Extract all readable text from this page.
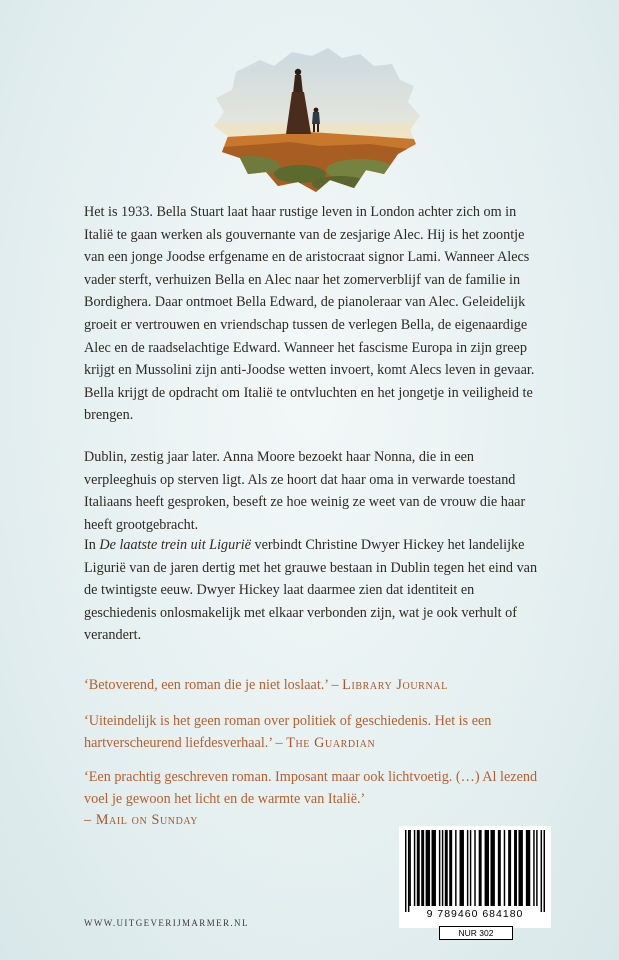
Het is 1933. Bella Stuart laat haar rustige leven in London achter zich om in Italië te gaan werken als gouvernante van de zesjarige Alec. Hij is het zoontje van een jonge Joodse erfgename en de aristocraat signor Lami. Wanneer Alecs vader sterft, verhuizen Bella en Alec naar het zomerverblijf van de familie in Bordighera. Daar ontmoet Bella Edward, de pianoleraar van Alec. Geleidelijk groeit er vertrouwen en vriendschap tussen de verlegen Bella, de eigenaardige Alec en de raadselachtige Edward. Wanneer het fascisme Europa in zijn greep krijgt en Mussolini zijn anti-Joodse wetten invoert, komt Alecs leven in gevaar. Bella krijgt de opdracht om Italië te ontvluchten en het jongetje in veiligheid te brengen.

Dublin, zestig jaar later. Anna Moore bezoekt haar Nonna, die in een verpleeghuis op sterven ligt. Als ze hoort dat haar oma in verwarde toestand Italiaans heeft gesproken, beseft ze hoe weinig ze weet van de vrouw die haar heeft grootgebracht.

In De laatste trein uit Ligurië verbindt Christine Dwyer Hickey het landelijke Ligurië van de jaren dertig met het grauwe bestaan in Dublin tegen het eind van de twintigste eeuw. Dwyer Hickey laat daarmee zien dat identiteit en geschiedenis onlosmakelijk met elkaar verbonden zijn, wat je ook verhult of verandert.

‘Betoverend, een roman die je niet loslaat.’ – Library Journal

‘Uiteindelijk is het geen roman over politiek of geschiedenis. Het is een hartverscheurend liefdesverhaal.’ – The Guardian

‘Een prachtig geschreven roman. Imposant maar ook lichtvoetig. (…) Al lezend voel je gewoon het licht en de warmte van Italië.’
– Mail on Sunday

WWW.UITGEVERIJMARMER.NL
9 789460 684180
NUR 302
